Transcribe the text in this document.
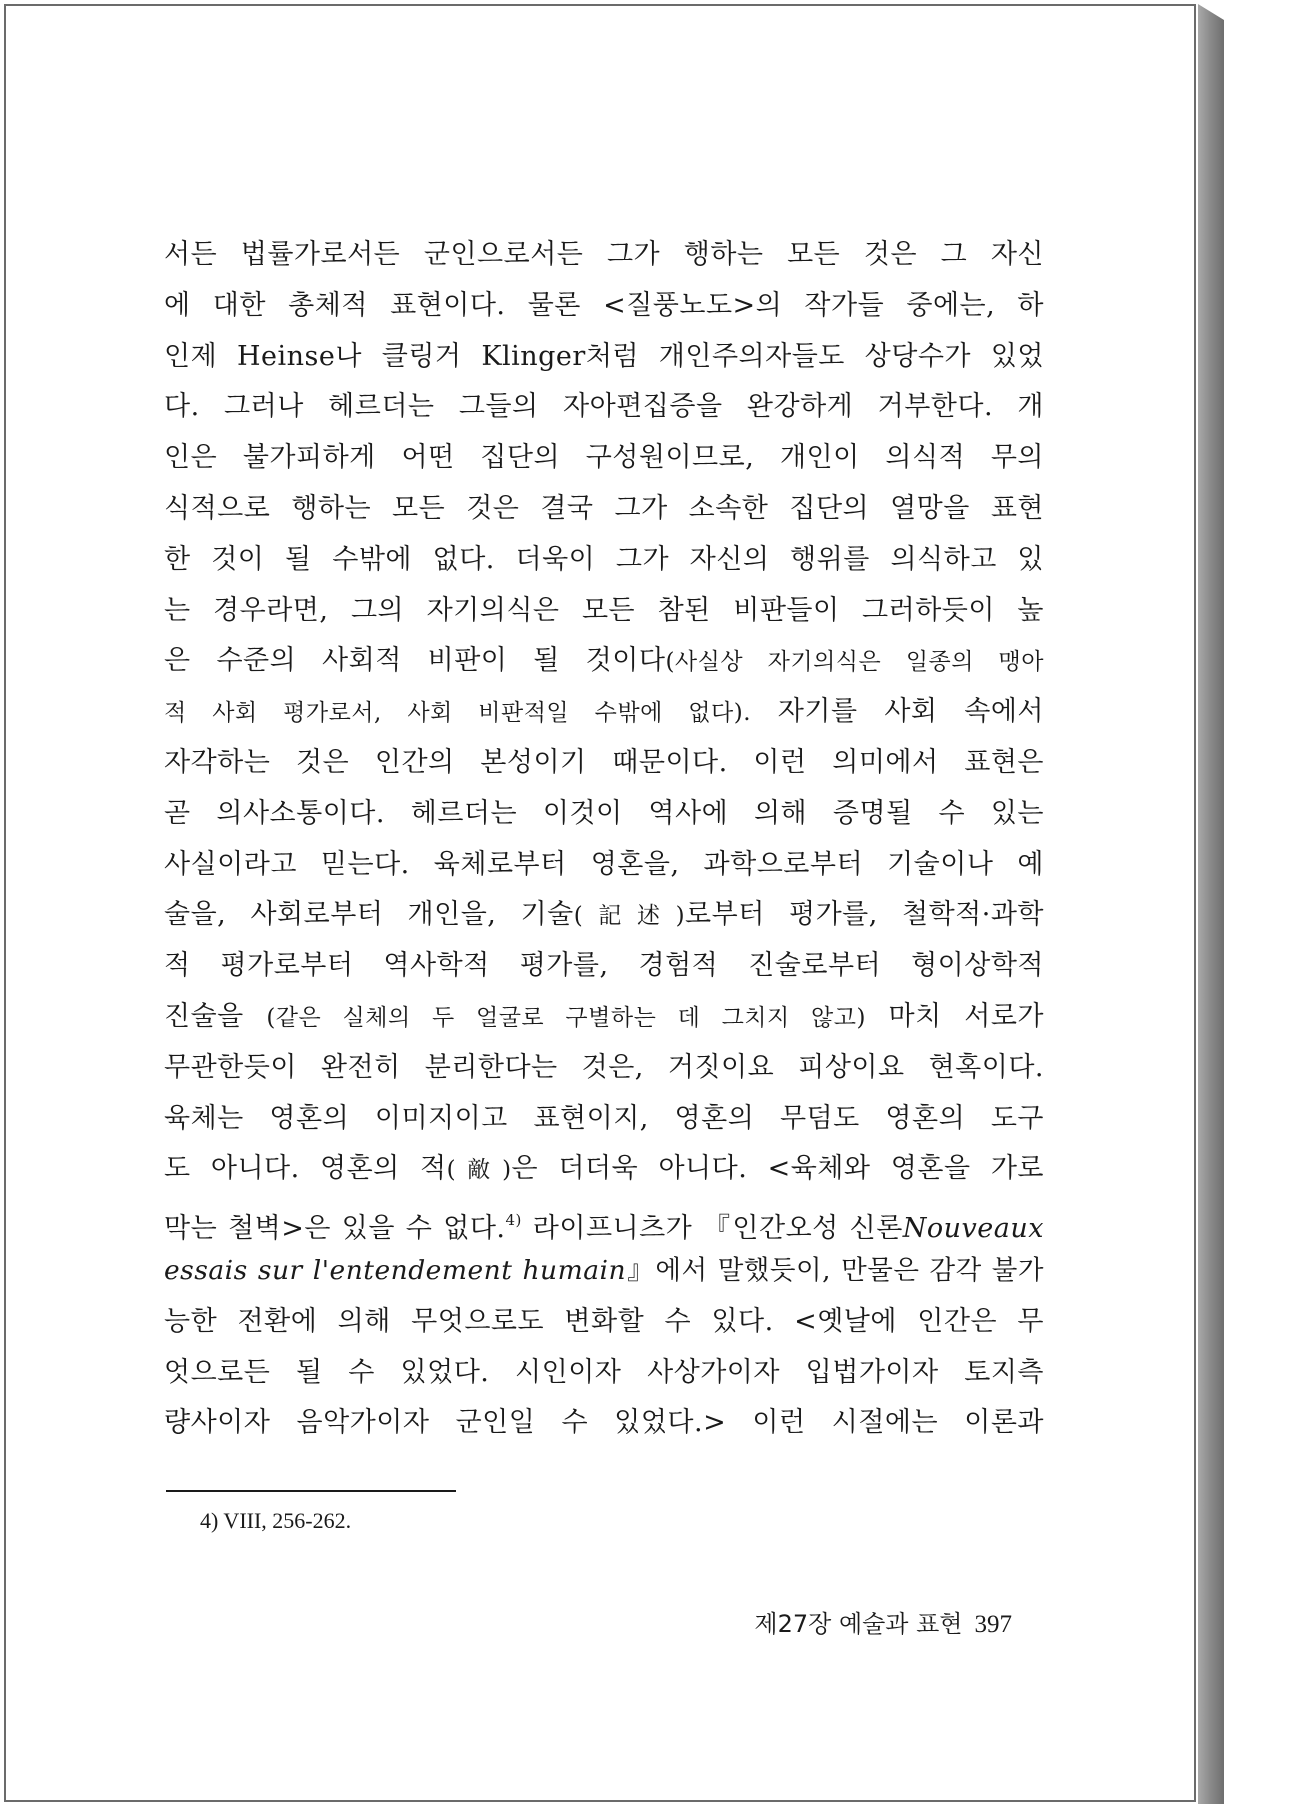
서든 법률가로서든 군인으로서든 그가 행하는 모든 것은 그 자신
에 대한 총체적 표현이다. 물론 <질풍노도>의 작가들 중에는, 하
인제 Heinse나 클링거 Klinger처럼 개인주의자들도 상당수가 있었
다. 그러나 헤르더는 그들의 자아편집증을 완강하게 거부한다. 개
인은 불가피하게 어떤 집단의 구성원이므로, 개인이 의식적 무의
식적으로 행하는 모든 것은 결국 그가 소속한 집단의 열망을 표현
한 것이 될 수밖에 없다. 더욱이 그가 자신의 행위를 의식하고 있
는 경우라면, 그의 자기의식은 모든 참된 비판들이 그러하듯이 높
은 수준의 사회적 비판이 될 것이다(사실상 자기의식은 일종의 맹아
적 사회 평가로서, 사회 비판적일 수밖에 없다). 자기를 사회 속에서
자각하는 것은 인간의 본성이기 때문이다. 이런 의미에서 표현은
곧 의사소통이다. 헤르더는 이것이 역사에 의해 증명될 수 있는
사실이라고 믿는다. 육체로부터 영혼을, 과학으로부터 기술이나 예
술을, 사회로부터 개인을, 기술(記述)로부터 평가를, 철학적·과학
적 평가로부터 역사학적 평가를, 경험적 진술로부터 형이상학적
진술을 (같은 실체의 두 얼굴로 구별하는 데 그치지 않고) 마치 서로가
무관한듯이 완전히 분리한다는 것은, 거짓이요 피상이요 현혹이다.
육체는 영혼의 이미지이고 표현이지, 영혼의 무덤도 영혼의 도구
도 아니다. 영혼의 적(敵)은 더더욱 아니다. <육체와 영혼을 가로
막는 철벽>은 있을 수 없다.$^{4)}$ 라이프니츠가 『인간오성 신론Nouveaux
essais sur l'entendement humain』에서 말했듯이, 만물은 감각 불가
능한 전환에 의해 무엇으로도 변화할 수 있다. <옛날에 인간은 무
엇으로든 될 수 있었다. 시인이자 사상가이자 입법가이자 토지측
량사이자 음악가이자 군인일 수 있었다.> 이런 시절에는 이론과
4) VIII, 256-262.
제27장 예술과 표현 397
